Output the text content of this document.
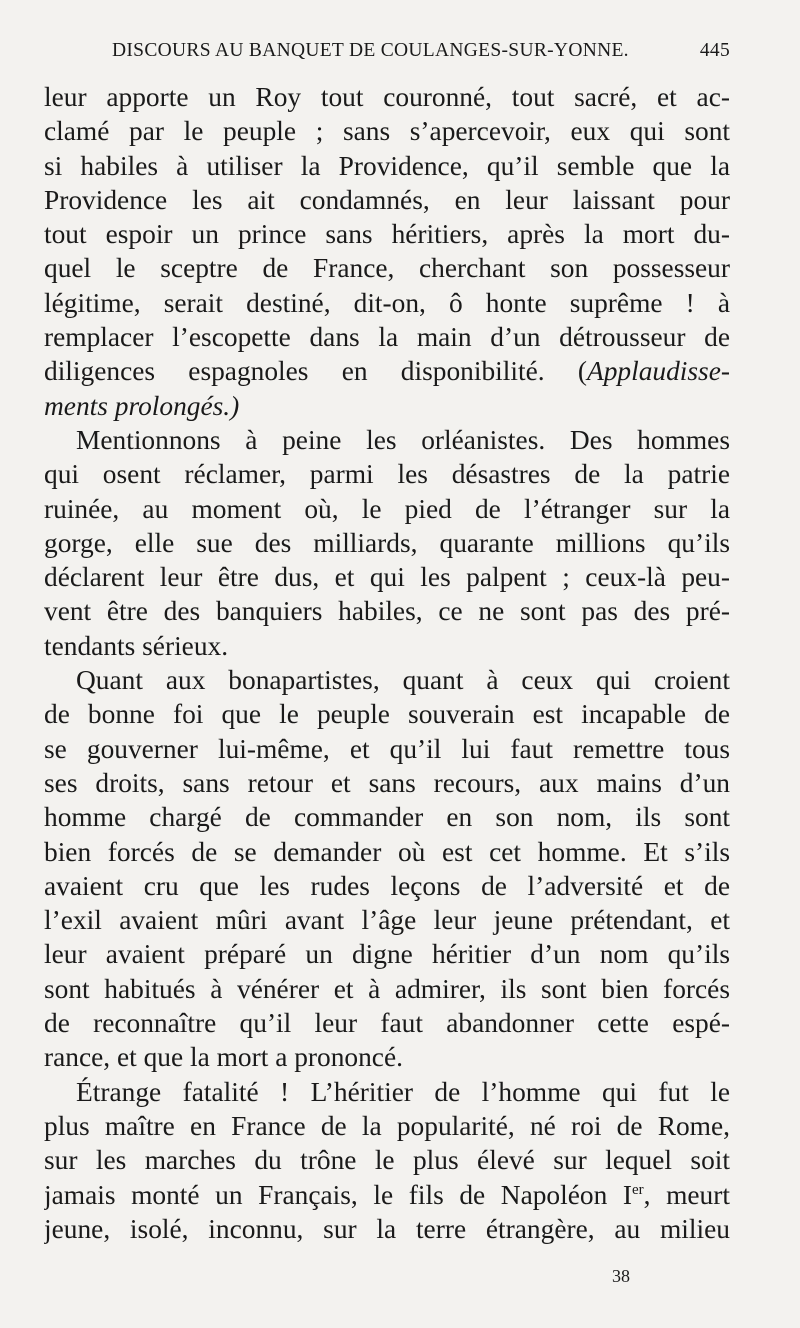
DISCOURS AU BANQUET DE COULANGES-SUR-YONNE.	445
leur apporte un Roy tout couronné, tout sacré, et ac-
clamé par le peuple ; sans s’apercevoir, eux qui sont
si habiles à utiliser la Providence, qu’il semble que la
Providence les ait condamnés, en leur laissant pour
tout espoir un prince sans héritiers, après la mort du-
quel le sceptre de France, cherchant son possesseur
légitime, serait destiné, dit-on, ô honte suprême ! à
remplacer l’escopette dans la main d’un détrousseur de
diligences espagnoles en disponibilité. (Applaudisse-
ments prolongés.)
Mentionnons à peine les orléanistes. Des hommes
qui osent réclamer, parmi les désastres de la patrie
ruinée, au moment où, le pied de l’étranger sur la
gorge, elle sue des milliards, quarante millions qu’ils
déclarent leur être dus, et qui les palpent ; ceux-là peu-
vent être des banquiers habiles, ce ne sont pas des pré-
tendants sérieux.
Quant aux bonapartistes, quant à ceux qui croient
de bonne foi que le peuple souverain est incapable de
se gouverner lui-même, et qu’il lui faut remettre tous
ses droits, sans retour et sans recours, aux mains d’un
homme chargé de commander en son nom, ils sont
bien forcés de se demander où est cet homme. Et s’ils
avaient cru que les rudes leçons de l’adversité et de
l’exil avaient mûri avant l’âge leur jeune prétendant, et
leur avaient préparé un digne héritier d’un nom qu’ils
sont habitués à vénérer et à admirer, ils sont bien forcés
de reconnaître qu’il leur faut abandonner cette espé-
rance, et que la mort a prononcé.
Étrange fatalité ! L’héritier de l’homme qui fut le
plus maître en France de la popularité, né roi de Rome,
sur les marches du trône le plus élevé sur lequel soit
jamais monté un Français, le fils de Napoléon Ier, meurt
jeune, isolé, inconnu, sur la terre étrangère, au milieu
38
